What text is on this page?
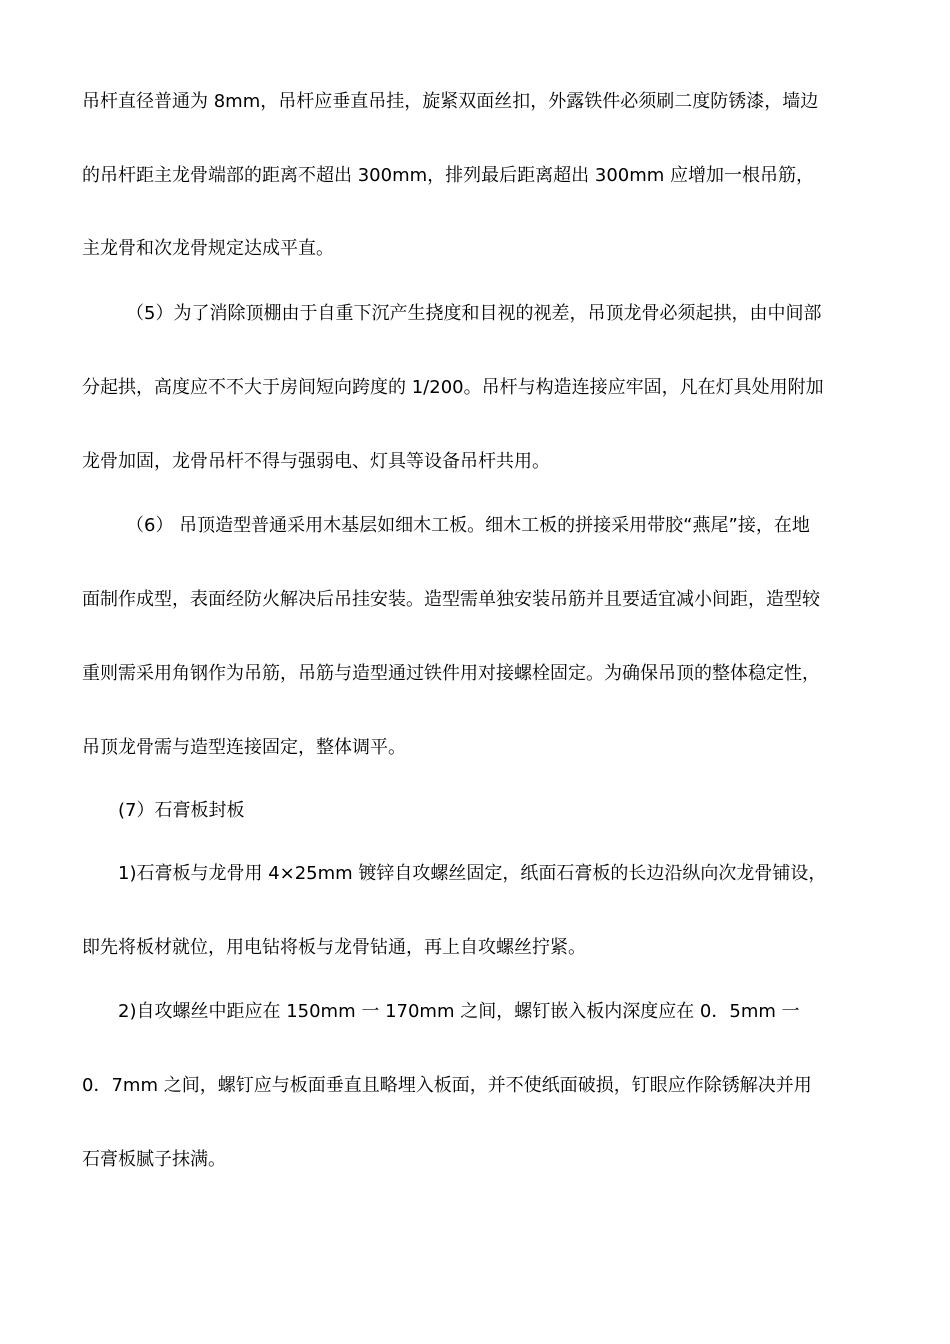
吊杆直径普通为 8mm，吊杆应垂直吊挂，旋紧双面丝扣，外露铁件必须刷二度防锈漆，墙边
的吊杆距主龙骨端部的距离不超出 300mm，排列最后距离超出 300mm 应增加一根吊筋，
主龙骨和次龙骨规定达成平直。
（5）为了消除顶棚由于自重下沉产生挠度和目视的视差，吊顶龙骨必须起拱，由中间部
分起拱，高度应不不大于房间短向跨度的 1/200。吊杆与构造连接应牢固，凡在灯具处用附加
龙骨加固，龙骨吊杆不得与强弱电、灯具等设备吊杆共用。
（6） 吊顶造型普通采用木基层如细木工板。细木工板的拼接采用带胶“燕尾”接，在地
面制作成型，表面经防火解决后吊挂安装。造型需单独安装吊筋并且要适宜减小间距，造型较
重则需采用角钢作为吊筋，吊筋与造型通过铁件用对接螺栓固定。为确保吊顶的整体稳定性，
吊顶龙骨需与造型连接固定，整体调平。
(7）石膏板封板
1)石膏板与龙骨用 4×25mm 镀锌自攻螺丝固定，纸面石膏板的长边沿纵向次龙骨铺设，
即先将板材就位，用电钻将板与龙骨钻通，再上自攻螺丝拧紧。
2)自攻螺丝中距应在 150mm 一 170mm 之间，螺钉嵌入板内深度应在 0．5mm 一
0．7mm 之间，螺钉应与板面垂直且略埋入板面，并不使纸面破损，钉眼应作除锈解决并用
石膏板腻子抹满。
